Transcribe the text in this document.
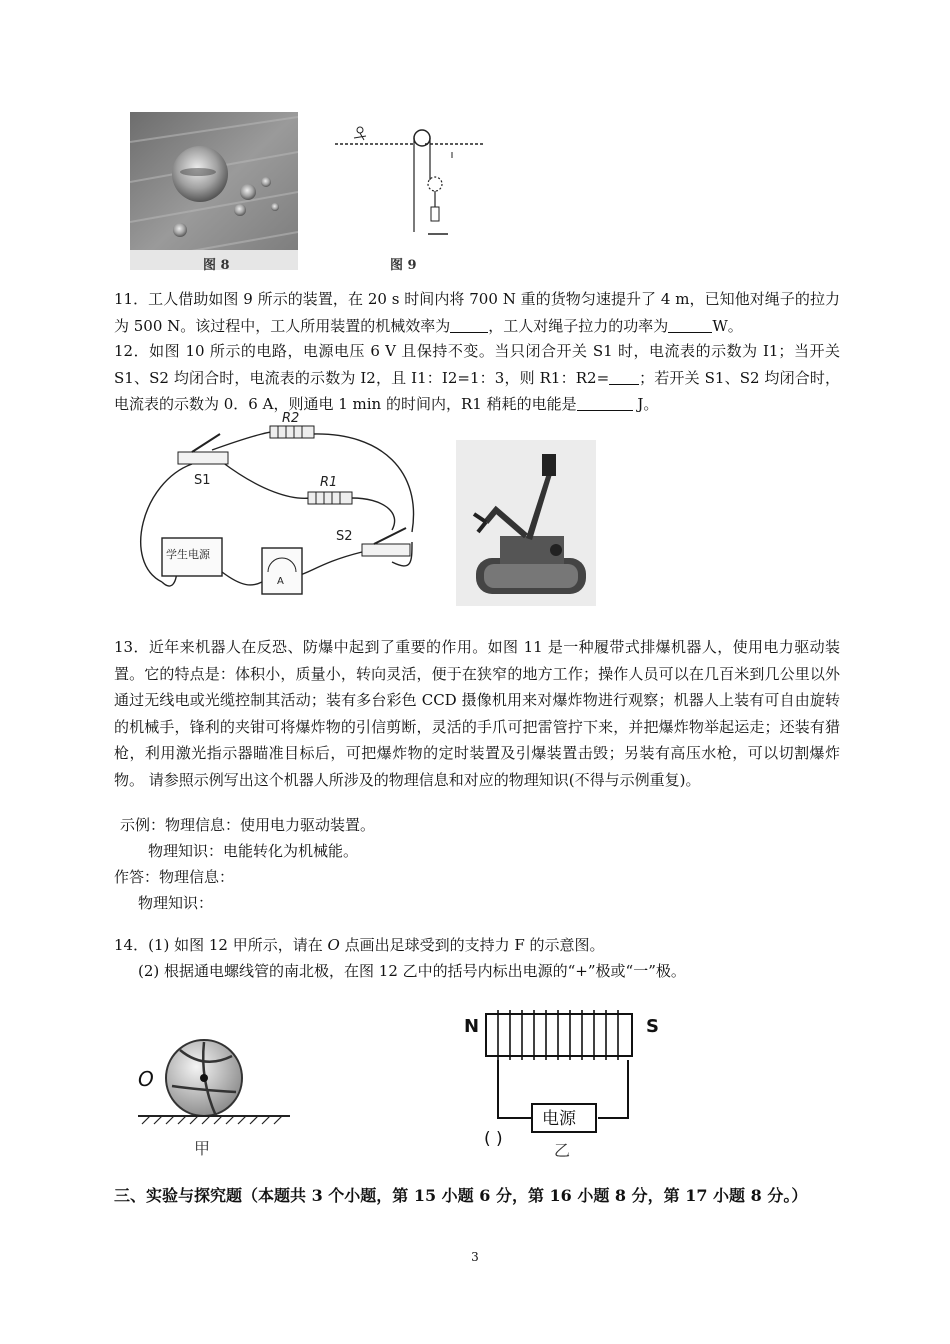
图 8	图 9
11．工人借助如图 9 所示的装置，在 20 s 时间内将 700 N 重的货物匀速提升了 4 m，已知他对绳子的拉力为 500 N。该过程中，工人所用装置的机械效率为	，工人对绳子拉力的功率为	W。
12．如图 10 所示的电路，电源电压 6 V 且保持不变。当只闭合开关 S1 时，电流表的示数为 I1；当开关 S1、S2 均闭合时，电流表的示数为 I2，且 I1：I2=1：3，则 R1：R2= ；若开关 S1、S2 均闭合时，电流表的示数为 0．6 A，则通电 1 min 的时间内，R1 稍耗的电能是	J。
S1
R2
R1
S2
学生电源
A
13．近年来机器人在反恐、防爆中起到了重要的作用。如图 11 是一种履带式排爆机器人，使用电力驱动装置。它的特点是：体积小，质量小，转向灵活，便于在狭窄的地方工作；操作人员可以在几百米到几公里以外通过无线电或光缆控制其活动；装有多台彩色 CCD 摄像机用来对爆炸物进行观察；机器人上装有可自由旋转的机械手，锋利的夹钳可将爆炸物的引信剪断，灵活的手爪可把雷管拧下来，并把爆炸物举起运走；还装有猎枪，利用激光指示器瞄准目标后，可把爆炸物的定时装置及引爆装置击毁；另装有高压水枪，可以切割爆炸物。 请参照示例写出这个机器人所涉及的物理信息和对应的物理知识(不得与示例重复)。
示例：物理信息：使用电力驱动装置。
物理知识：电能转化为机械能。
作答：物理信息：
物理知识：
14．(1) 如图 12 甲所示，请在 O 点画出足球受到的支持力 F 的示意图。
(2) 根据通电螺线管的南北极，在图 12 乙中的括号内标出电源的“+”极或“一”极。
O
甲
N	S
电源
( )
乙
三、实验与探究题（本题共 3 个小题，第 15 小题 6 分，第 16 小题 8 分，第 17 小题 8 分。）
3
